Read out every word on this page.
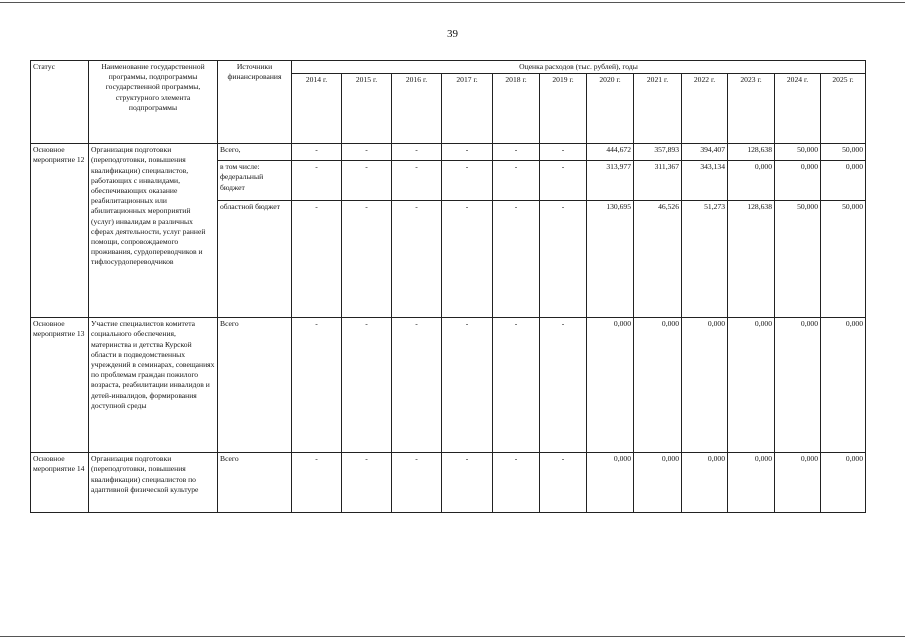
39
Статус	Наименование государственной программы, подпрограммы государственной программы, структурного элемента подпрограммы	Источники финансирования	Оценка расходов (тыс. рублей), годы											
			2014 г.	2015 г.	2016 г.	2017 г.	2018 г.	2019 г.	2020 г.	2021 г.	2022 г.	2023 г.	2024 г.	2025 г.
Основное мероприятие 12	Организация подготовки (переподготовки, повышения квалификации) специалистов, работающих с инвалидами, обеспечивающих оказание реабилитационных или абилитационных мероприятий (услуг) инвалидам в различных сферах деятельности, услуг ранней помощи, сопровождаемого проживания, сурдопереводчиков и тифлосурдопереводчиков	Всего,	-	-	-	-	-	-	444,672	357,893	394,407	128,638	50,000	50,000
		в том числе: федеральный бюджет	-	-	-	-	-	-	313,977	311,367	343,134	0,000	0,000	0,000
		областной бюджет	-	-	-	-	-	-	130,695	46,526	51,273	128,638	50,000	50,000
Основное мероприятие 13	Участие специалистов комитета социального обеспечения, материнства и детства Курской области в подведомственных учреждений в семинарах, совещаниях по проблемам граждан пожилого возраста, реабилитации инвалидов и детей-инвалидов, формирования доступной среды	Всего	-	-	-	-	-	-	0,000	0,000	0,000	0,000	0,000	0,000
Основное мероприятие 14	Организация подготовки (переподготовки, повышения квалификации) специалистов по адаптивной физической культуре	Всего	-	-	-	-	-	-	0,000	0,000	0,000	0,000	0,000	0,000
